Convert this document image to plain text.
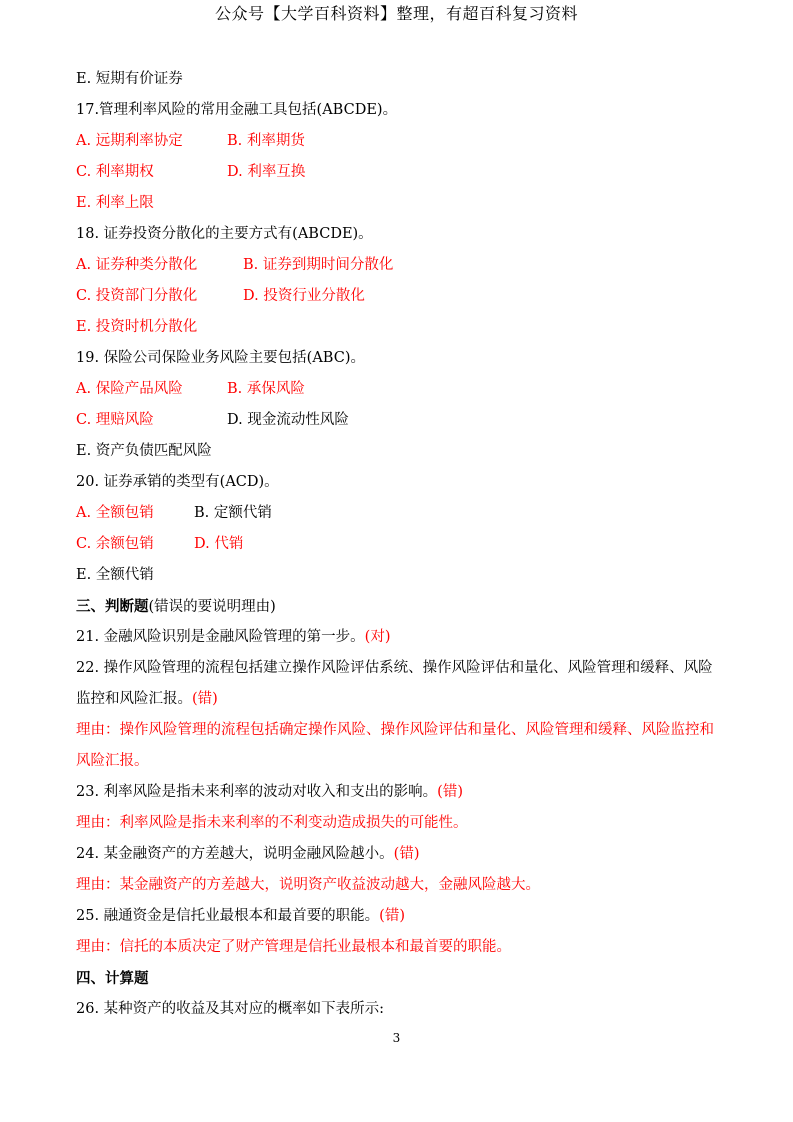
公众号【大学百科资料】整理，有超百科复习资料
E. 短期有价证券
17.管理利率风险的常用金融工具包括(ABCDE)。
A. 远期利率协定	B. 利率期货
C. 利率期权	D. 利率互换
E. 利率上限
18. 证券投资分散化的主要方式有(ABCDE)。
A. 证券种类分散化	B. 证券到期时间分散化
C. 投资部门分散化	D. 投资行业分散化
E. 投资时机分散化
19. 保险公司保险业务风险主要包括(ABC)。
A. 保险产品风险	B. 承保风险
C. 理赔风险	D. 现金流动性风险
E. 资产负债匹配风险
20. 证券承销的类型有(ACD)。
A. 全额包销	B. 定额代销
C. 余额包销	D. 代销
E. 全额代销
三、判断题(错误的要说明理由)
21. 金融风险识别是金融风险管理的第一步。(对)
22. 操作风险管理的流程包括建立操作风险评估系统、操作风险评估和量化、风险管理和缓释、风险监控和风险汇报。(错)
理由：操作风险管理的流程包括确定操作风险、操作风险评估和量化、风险管理和缓释、风险监控和风险汇报。
23. 利率风险是指未来利率的波动对收入和支出的影响。(错)
理由：利率风险是指未来利率的不利变动造成损失的可能性。
24. 某金融资产的方差越大，说明金融风险越小。(错)
理由：某金融资产的方差越大，说明资产收益波动越大，金融风险越大。
25. 融通资金是信托业最根本和最首要的职能。(错)
理由：信托的本质决定了财产管理是信托业最根本和最首要的职能。
四、计算题
26. 某种资产的收益及其对应的概率如下表所示:
3
